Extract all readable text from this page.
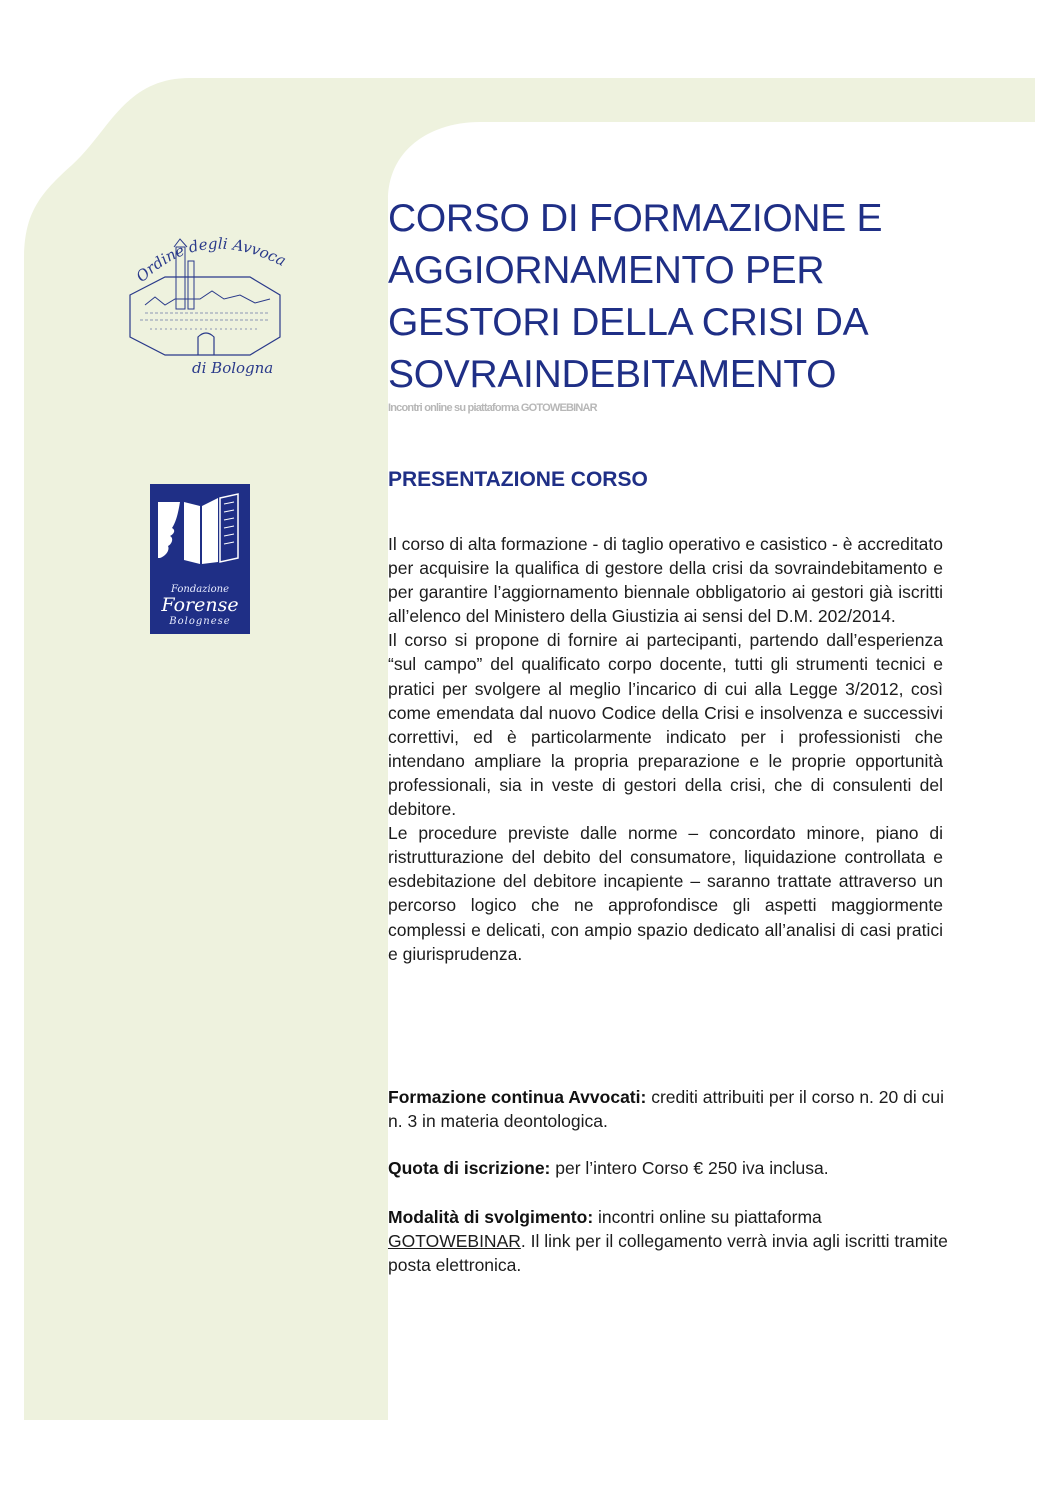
Ordine degli Avvoca
di Bologna
Fondazione
Forense
Bolognese
CORSO DI FORMAZIONE E AGGIORNAMENTO PER GESTORI DELLA CRISI DA SOVRAINDEBITAMENTO
Incontri online su piattaforma GOTOWEBINAR
PRESENTAZIONE CORSO

Il corso di alta formazione - di taglio operativo e casistico - è accreditato per acquisire la qualifica di gestore della crisi da sovraindebitamento e per garantire l’aggiornamento biennale obbligatorio ai gestori già iscritti all’elenco del Ministero della Giustizia ai sensi del D.M. 202/2014.

Il corso si propone di fornire ai partecipanti, partendo dall’esperienza “sul campo” del qualificato corpo docente, tutti gli strumenti tecnici e pratici per svolgere al meglio l’incarico di cui alla Legge 3/2012, così come emendata dal nuovo Codice della Crisi e insolvenza e successivi correttivi, ed è particolarmente indicato per i professionisti che intendano ampliare la propria preparazione e le proprie opportunità professionali, sia in veste di gestori della crisi, che di consulenti del debitore.

Le procedure previste dalle norme – concordato minore, piano di ristrutturazione del debito del consumatore, liquidazione controllata e esdebitazione del debitore incapiente – saranno trattate attraverso un percorso logico che ne approfondisce gli aspetti maggiormente complessi e delicati, con ampio spazio dedicato all’analisi di casi pratici e giurisprudenza.

Formazione continua Avvocati: crediti attribuiti per il corso n. 20 di cui n. 3 in materia deontologica.

Quota di iscrizione: per l’intero Corso € 250 iva inclusa.

Modalità di svolgimento: incontri online su piattaforma GOTOWEBINAR. Il link per il collegamento verrà invia agli iscritti tramite posta elettronica.
